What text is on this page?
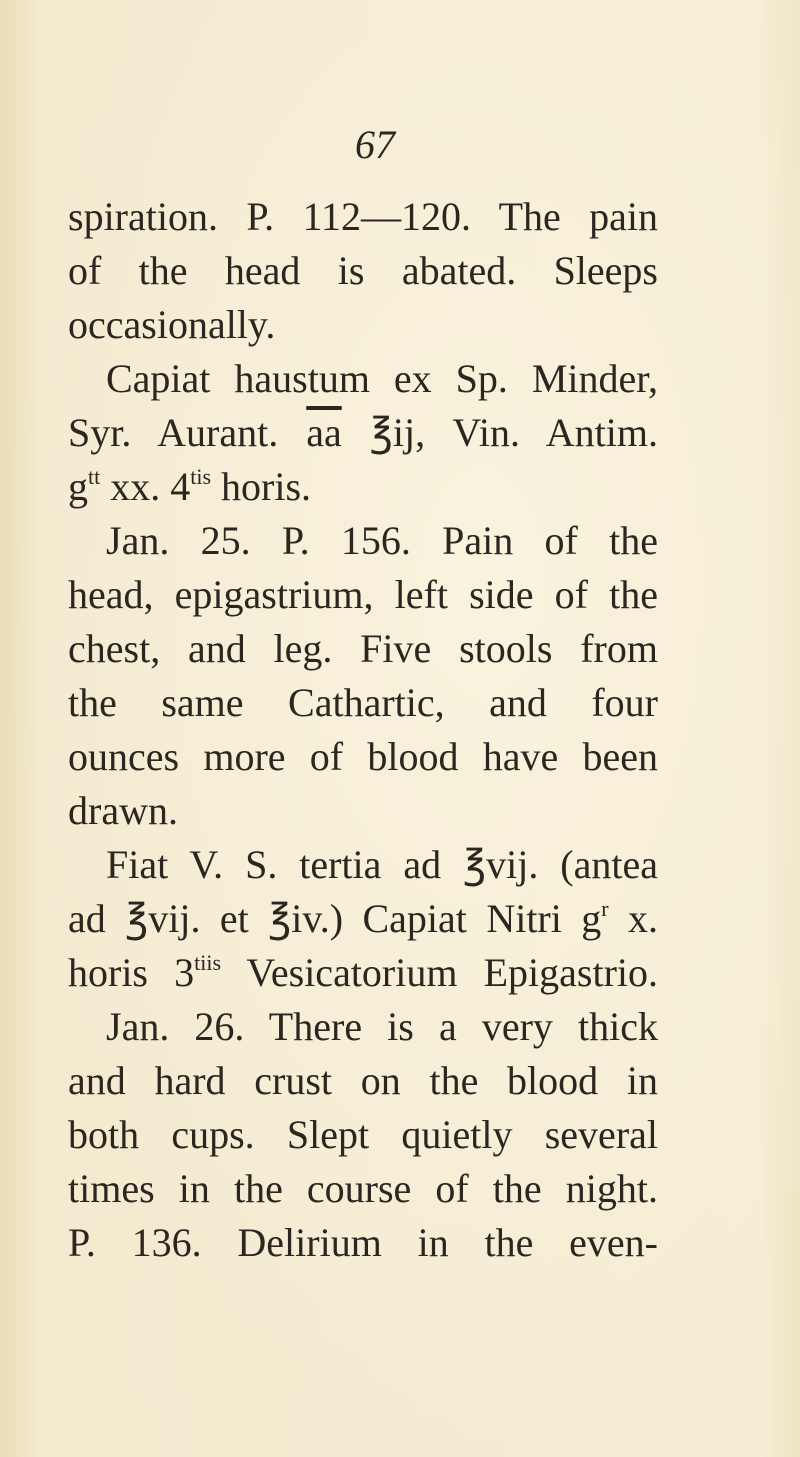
67
spiration. P. 112—120. The pain
of the head is abated. Sleeps
occasionally.
Capiat haustum ex Sp. Minder,
Syr. Aurant. $\overline{aa}$ ℥ij, Vin. Antim.
$g^{tt}$ xx. $4^{tis}$ horis.
Jan. 25. P. 156. Pain of the
head, epigastrium, left side of the
chest, and leg. Five stools from
the same Cathartic, and four
ounces more of blood have been
drawn.
Fiat V. S. tertia ad ℥vij. (antea
ad ℥vij. et ℥iv.) Capiat Nitri $g^r$ x.
horis $3^{tiis}$ Vesicatorium Epigastrio.
Jan. 26. There is a very thick
and hard crust on the blood in
both cups. Slept quietly several
times in the course of the night.
P. 136. Delirium in the even-
